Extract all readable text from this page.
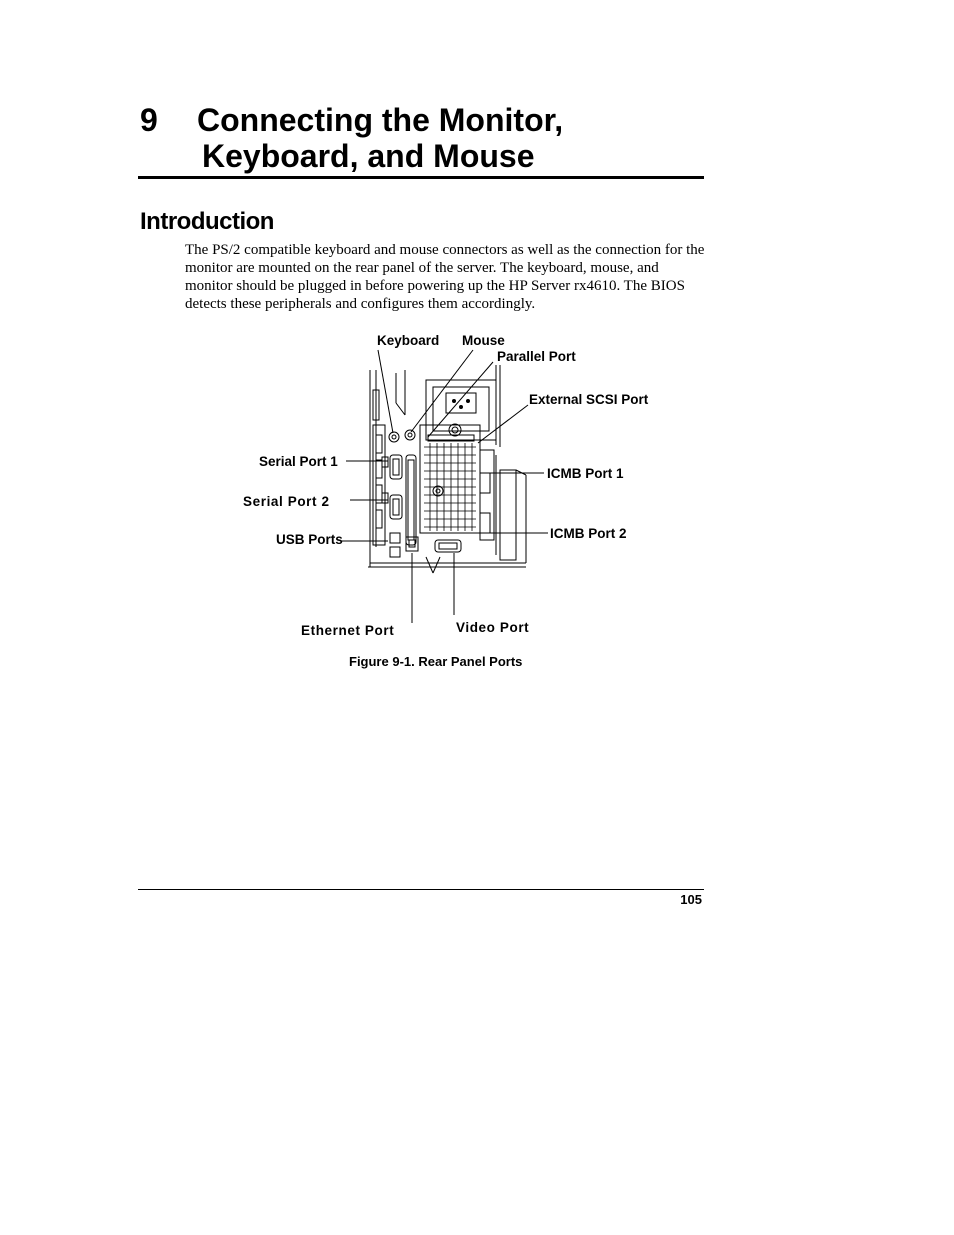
9 Connecting the Monitor,
Keyboard, and Mouse
Introduction
The PS/2 compatible keyboard and mouse connectors as well as the connection for the monitor are mounted on the rear panel of the server. The keyboard, mouse, and monitor should be plugged in before powering up the HP Server rx4610. The BIOS detects these peripherals and configures them accordingly.
Keyboard Mouse
Parallel Port
External SCSI Port
Serial Port 1
Serial Port 2
USB Ports
ICMB Port 1
ICMB Port 2
Ethernet Port	Video Port
Figure 9-1. Rear Panel Ports
105
